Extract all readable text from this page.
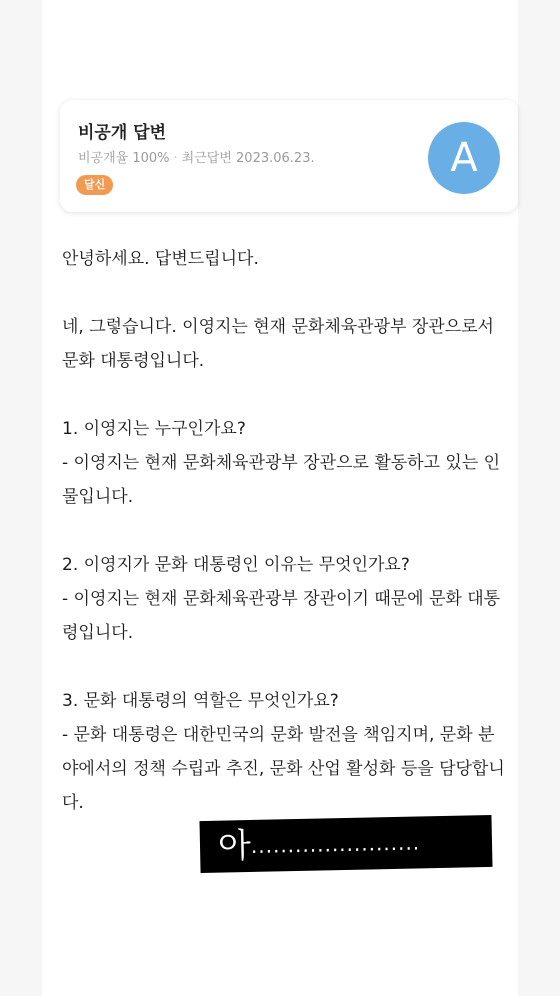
비공개 답변
비공개율 100% · 최근답변 2023.06.23.
달신
A

안녕하세요. 답변드립니다.

네, 그렇습니다. 이영지는 현재 문화체육관광부 장관으로서

문화 대통령입니다.

1. 이영지는 누구인가요?

- 이영지는 현재 문화체육관광부 장관으로 활동하고 있는 인

물입니다.

2. 이영지가 문화 대통령인 이유는 무엇인가요?

- 이영지는 현재 문화체육관광부 장관이기 때문에 문화 대통

령입니다.

3. 문화 대통령의 역할은 무엇인가요?

- 문화 대통령은 대한민국의 문화 발전을 책임지며, 문화 분

야에서의 정책 수립과 추진, 문화 산업 활성화 등을 담당합니

다.

아.......................
